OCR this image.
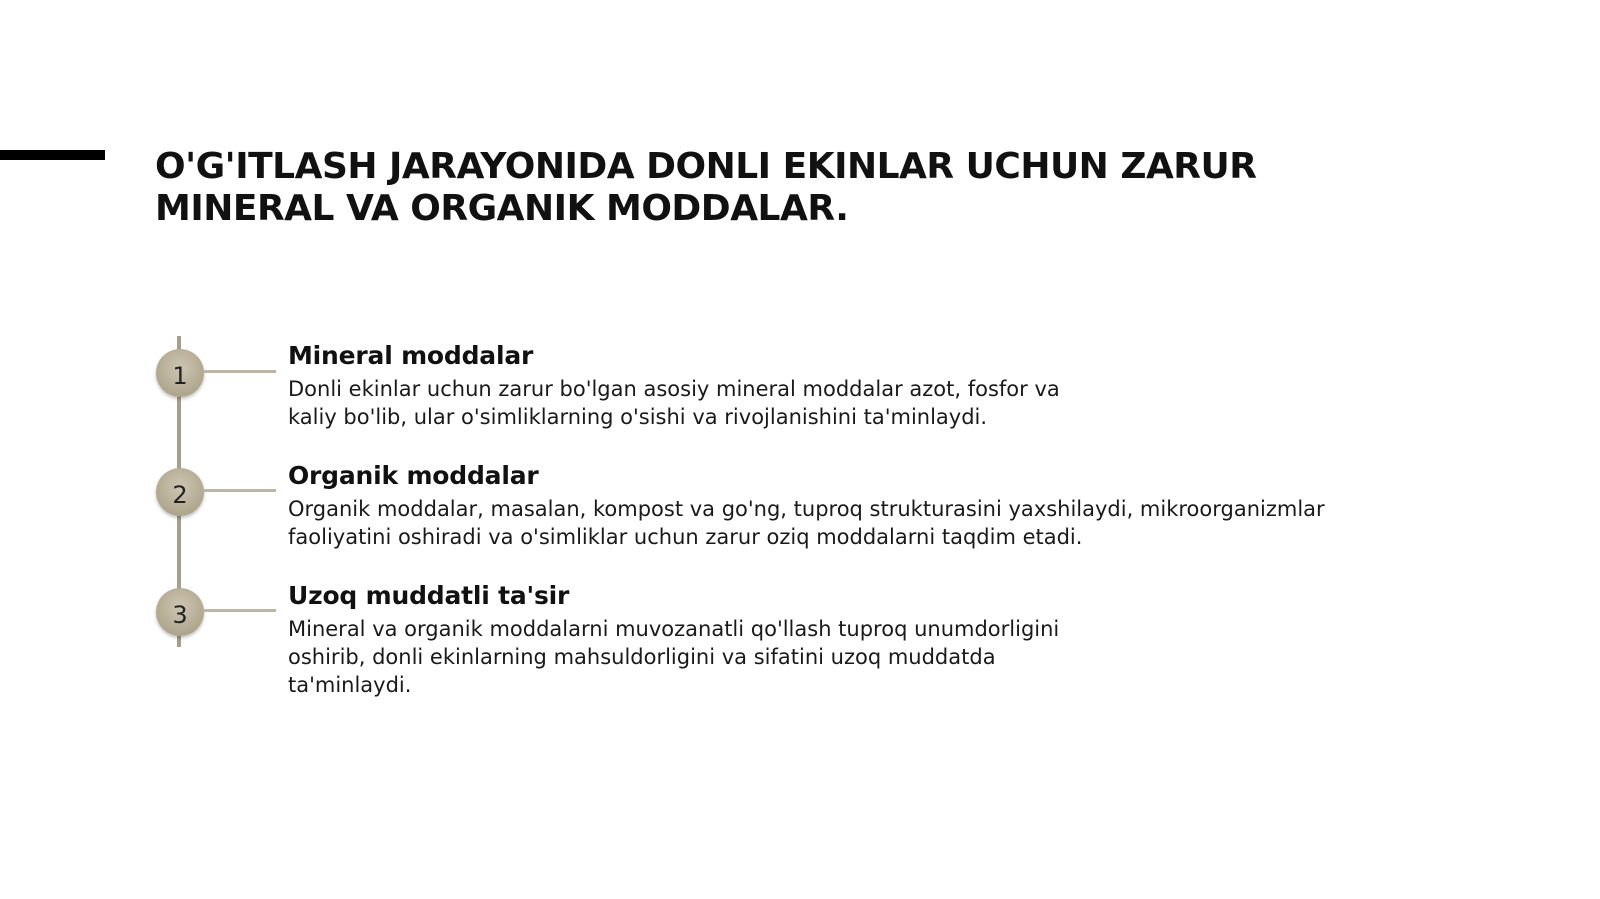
O'G'ITLASH JARAYONIDA DONLI EKINLAR UCHUN ZARUR
MINERAL VA ORGANIK MODDALAR.
1
Mineral moddalar

Donli ekinlar uchun zarur bo'lgan asosiy mineral moddalar azot, fosfor va
kaliy bo'lib, ular o'simliklarning o'sishi va rivojlanishini ta'minlaydi.

2
Organik moddalar

Organik moddalar, masalan, kompost va go'ng, tuproq strukturasini yaxshilaydi, mikroorganizmlar
faoliyatini oshiradi va o'simliklar uchun zarur oziq moddalarni taqdim etadi.

3
Uzoq muddatli ta'sir

Mineral va organik moddalarni muvozanatli qo'llash tuproq unumdorligini
oshirib, donli ekinlarning mahsuldorligini va sifatini uzoq muddatda
ta'minlaydi.
